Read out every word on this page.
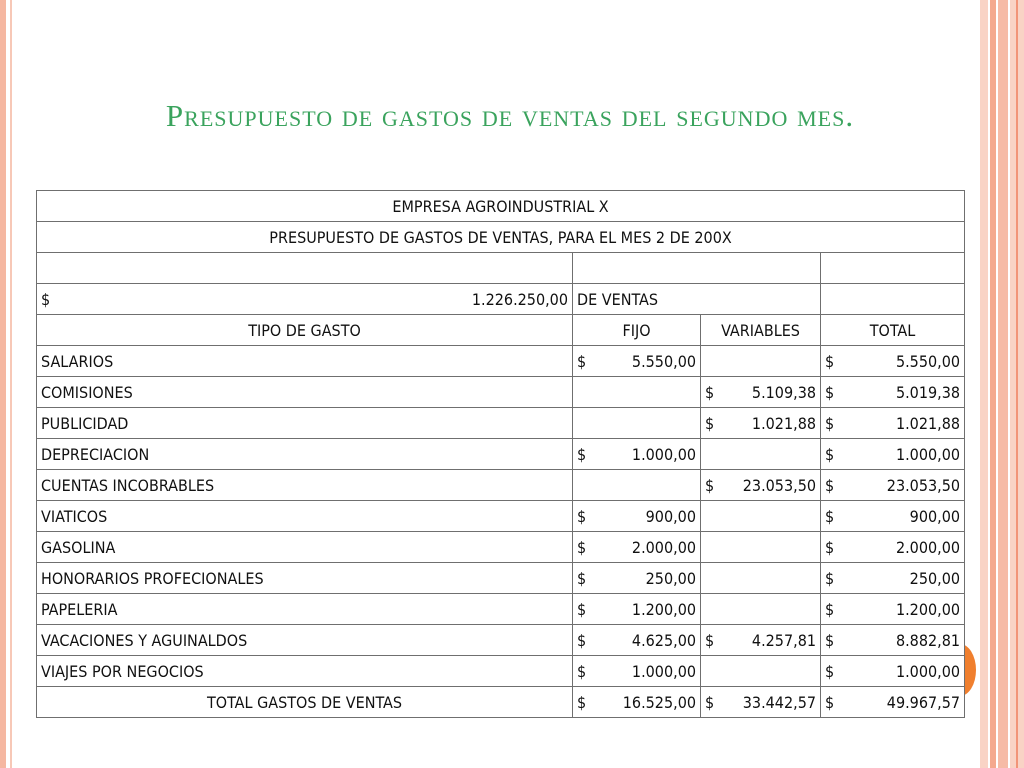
Presupuesto de gastos de ventas del segundo mes.
EMPRESA AGROINDUSTRIAL X			
PRESUPUESTO DE GASTOS DE VENTAS, PARA EL MES 2 DE 200X			

$ 1.226.250,00	DE VENTAS		
TIPO DE GASTO	FIJO	VARIABLES	TOTAL
SALARIOS	$ 5.550,00		$ 5.550,00

COMISIONES		$ 5.109,38	$ 5.019,38

PUBLICIDAD		$ 1.021,88	$ 1.021,88

DEPRECIACION	$ 1.000,00		$ 1.000,00

CUENTAS INCOBRABLES		$ 23.053,50	$ 23.053,50

VIATICOS	$ 900,00		$ 900,00

GASOLINA	$ 2.000,00		$ 2.000,00

HONORARIOS PROFECIONALES	$ 250,00		$ 250,00

PAPELERIA	$ 1.200,00		$ 1.200,00

VACACIONES Y AGUINALDOS	$ 4.625,00	$ 4.257,81	$ 8.882,81

VIAJES POR NEGOCIOS	$ 1.000,00		$ 1.000,00

TOTAL GASTOS DE VENTAS	$ 16.525,00	$ 33.442,57	$ 49.967,57
